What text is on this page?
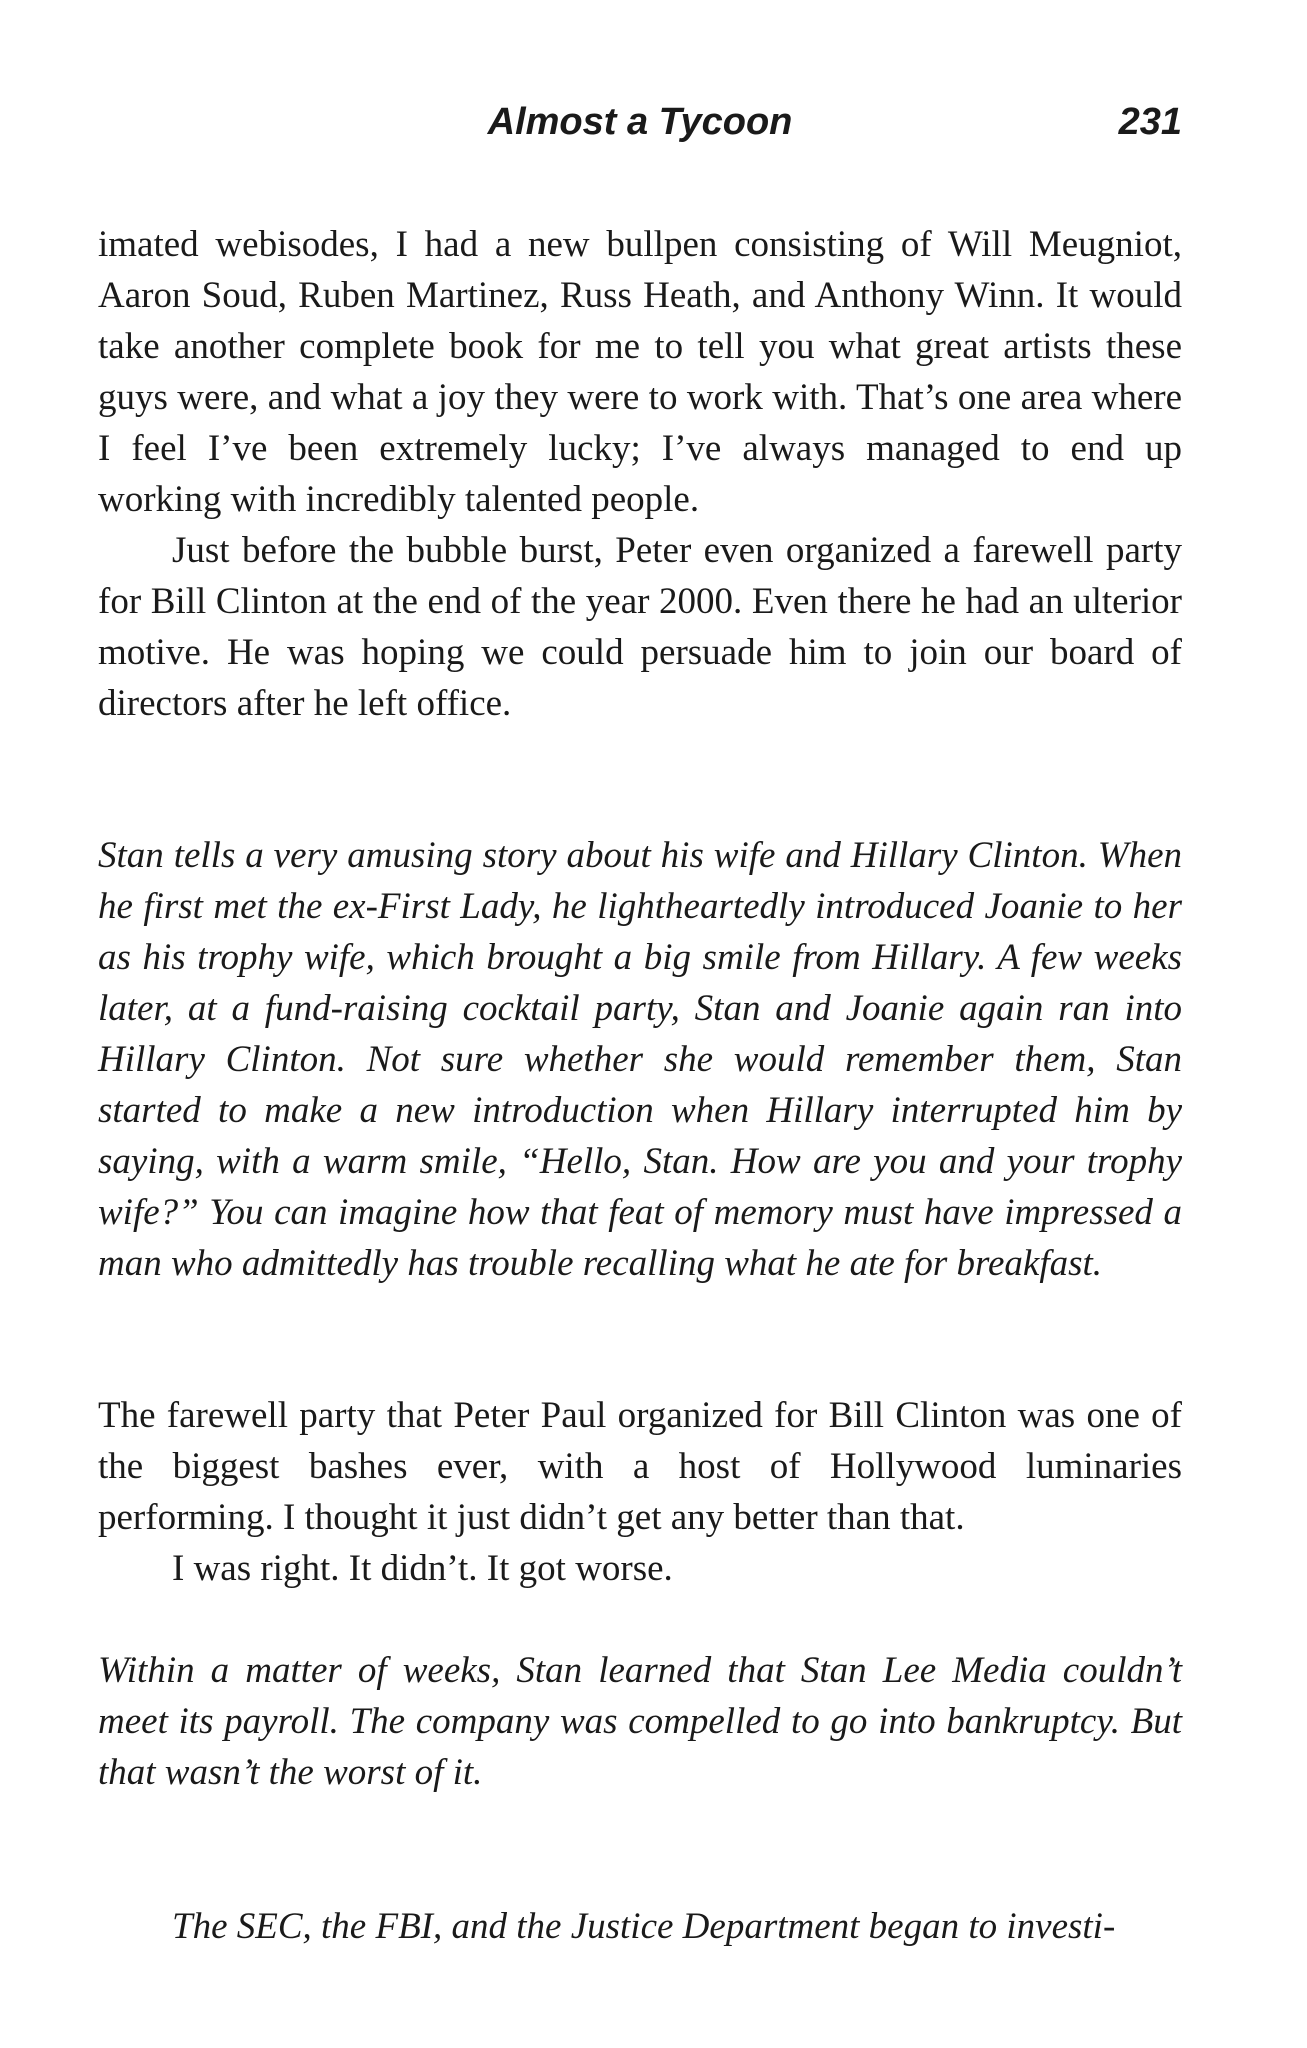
Almost a Tycoon	231

imated webisodes, I had a new bullpen consisting of Will Meugniot, Aaron Soud, Ruben Martinez, Russ Heath, and Anthony Winn. It would take another complete book for me to tell you what great artists these guys were, and what a joy they were to work with. That’s one area where I feel I’ve been extremely lucky; I’ve always managed to end up working with incredibly talented people.

Just before the bubble burst, Peter even organized a farewell party for Bill Clinton at the end of the year 2000. Even there he had an ulterior motive. He was hoping we could persuade him to join our board of directors after he left office.

Stan tells a very amusing story about his wife and Hillary Clinton. When he first met the ex-First Lady, he lightheartedly introduced Joanie to her as his trophy wife, which brought a big smile from Hillary. A few weeks later, at a fund-raising cocktail party, Stan and Joanie again ran into Hillary Clinton. Not sure whether she would remember them, Stan started to make a new introduction when Hillary interrupted him by saying, with a warm smile, “Hello, Stan. How are you and your trophy wife?” You can imagine how that feat of memory must have impressed a man who admittedly has trouble recalling what he ate for breakfast.

The farewell party that Peter Paul organized for Bill Clinton was one of the biggest bashes ever, with a host of Hollywood luminaries performing. I thought it just didn’t get any better than that.

I was right. It didn’t. It got worse.

Within a matter of weeks, Stan learned that Stan Lee Media couldn’t meet its payroll. The company was compelled to go into bankruptcy. But that wasn’t the worst of it.

The SEC, the FBI, and the Justice Department began to investi-
